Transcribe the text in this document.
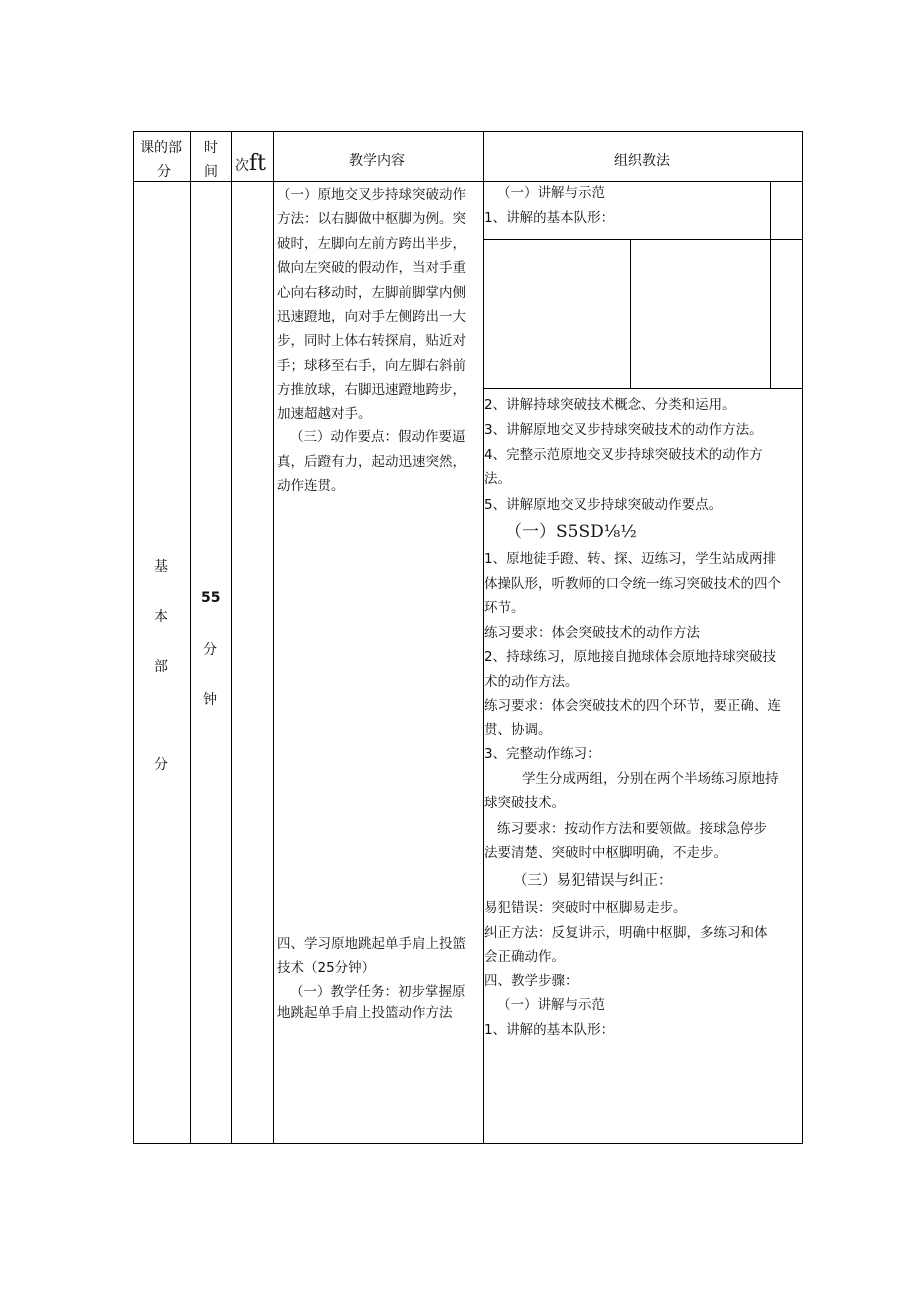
课的部
分
时
间 次ft	教学内容	组织教法
基
本
部
分
55
分
钟
（一）原地交叉步持球突破动作
方法：以右脚做中枢脚为例。突
破时，左脚向左前方跨出半步，
做向左突破的假动作，当对手重
心向右移动时，左脚前脚掌内侧
迅速蹬地，向对手左侧跨出一大
步，同时上体右转探肩，贴近对
手；球移至右手，向左脚右斜前
方推放球，右脚迅速蹬地跨步，
加速超越对手。
（三）动作要点：假动作要逼
真，后蹬有力，起动迅速突然，
动作连贯。
四、学习原地跳起单手肩上投篮
技术（25分钟）
（一）教学任务：初步掌握原
地跳起单手肩上投篮动作方法
（一）讲解与示范
1、讲解的基本队形：
2、讲解持球突破技术概念、分类和运用。
3、讲解原地交叉步持球突破技术的动作方法。
4、完整示范原地交叉步持球突破技术的动作方
法。
5、讲解原地交叉步持球突破动作要点。
（一）S5SD⅛½
1、原地徒手蹬、转、探、迈练习，学生站成两排
体操队形，听教师的口令统一练习突破技术的四个
环节。
练习要求：体会突破技术的动作方法
2、持球练习，原地接自抛球体会原地持球突破技
术的动作方法。
练习要求：体会突破技术的四个环节，要正确、连
贯、协调。
3、完整动作练习：
学生分成两组，分别在两个半场练习原地持
球突破技术。
练习要求：按动作方法和要领做。接球急停步
法要清楚、突破时中枢脚明确，不走步。
（三）易犯错误与纠正：
易犯错误：突破时中枢脚易走步。
纠正方法：反复讲示，明确中枢脚，多练习和体
会正确动作。
四、教学步骤：
（一）讲解与示范
1、讲解的基本队形：
